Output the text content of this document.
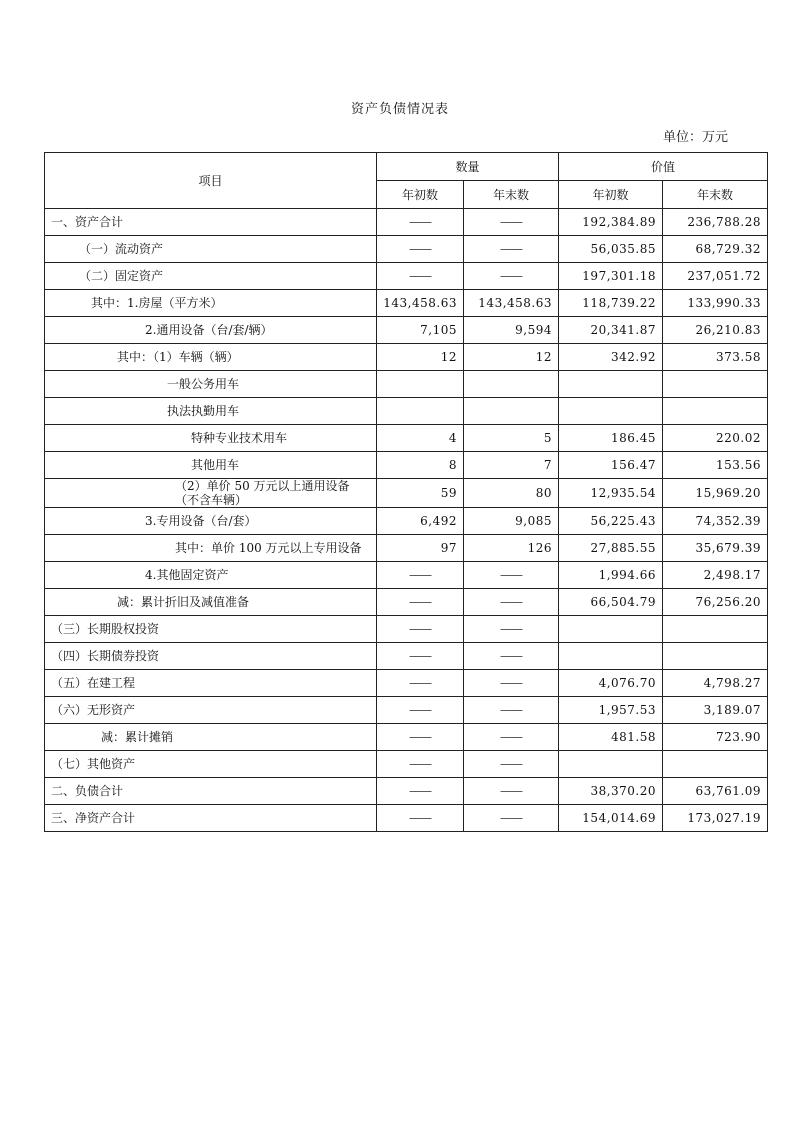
资产负债情况表
单位：万元
项目	数量		价值	
	年初数	年末数	年初数	年末数
一、资产合计	——	——	192,384.89	236,788.28
（一）流动资产	——	——	56,035.85	68,729.32
（二）固定资产	——	——	197,301.18	237,051.72
其中：1.房屋（平方米）	143,458.63	143,458.63	118,739.22	133,990.33
2.通用设备（台/套/辆）	7,105	9,594	20,341.87	26,210.83
其中：（1）车辆（辆）	12	12	342.92	373.58
一般公务用车				
执法执勤用车				
特种专业技术用车	4	5	186.45	220.02
其他用车	8	7	156.47	153.56
（2）单价 50 万元以上通用设备（不含车辆）	59	80	12,935.54	15,969.20
3.专用设备（台/套）	6,492	9,085	56,225.43	74,352.39
其中：单价 100 万元以上专用设备	97	126	27,885.55	35,679.39
4.其他固定资产	——	——	1,994.66	2,498.17
减：累计折旧及减值准备	——	——	66,504.79	76,256.20
（三）长期股权投资	——	——		
（四）长期债券投资	——	——		
（五）在建工程	——	——	4,076.70	4,798.27
（六）无形资产	——	——	1,957.53	3,189.07
减：累计摊销	——	——	481.58	723.90
（七）其他资产	——	——		
二、负债合计	——	——	38,370.20	63,761.09
三、净资产合计	——	——	154,014.69	173,027.19
